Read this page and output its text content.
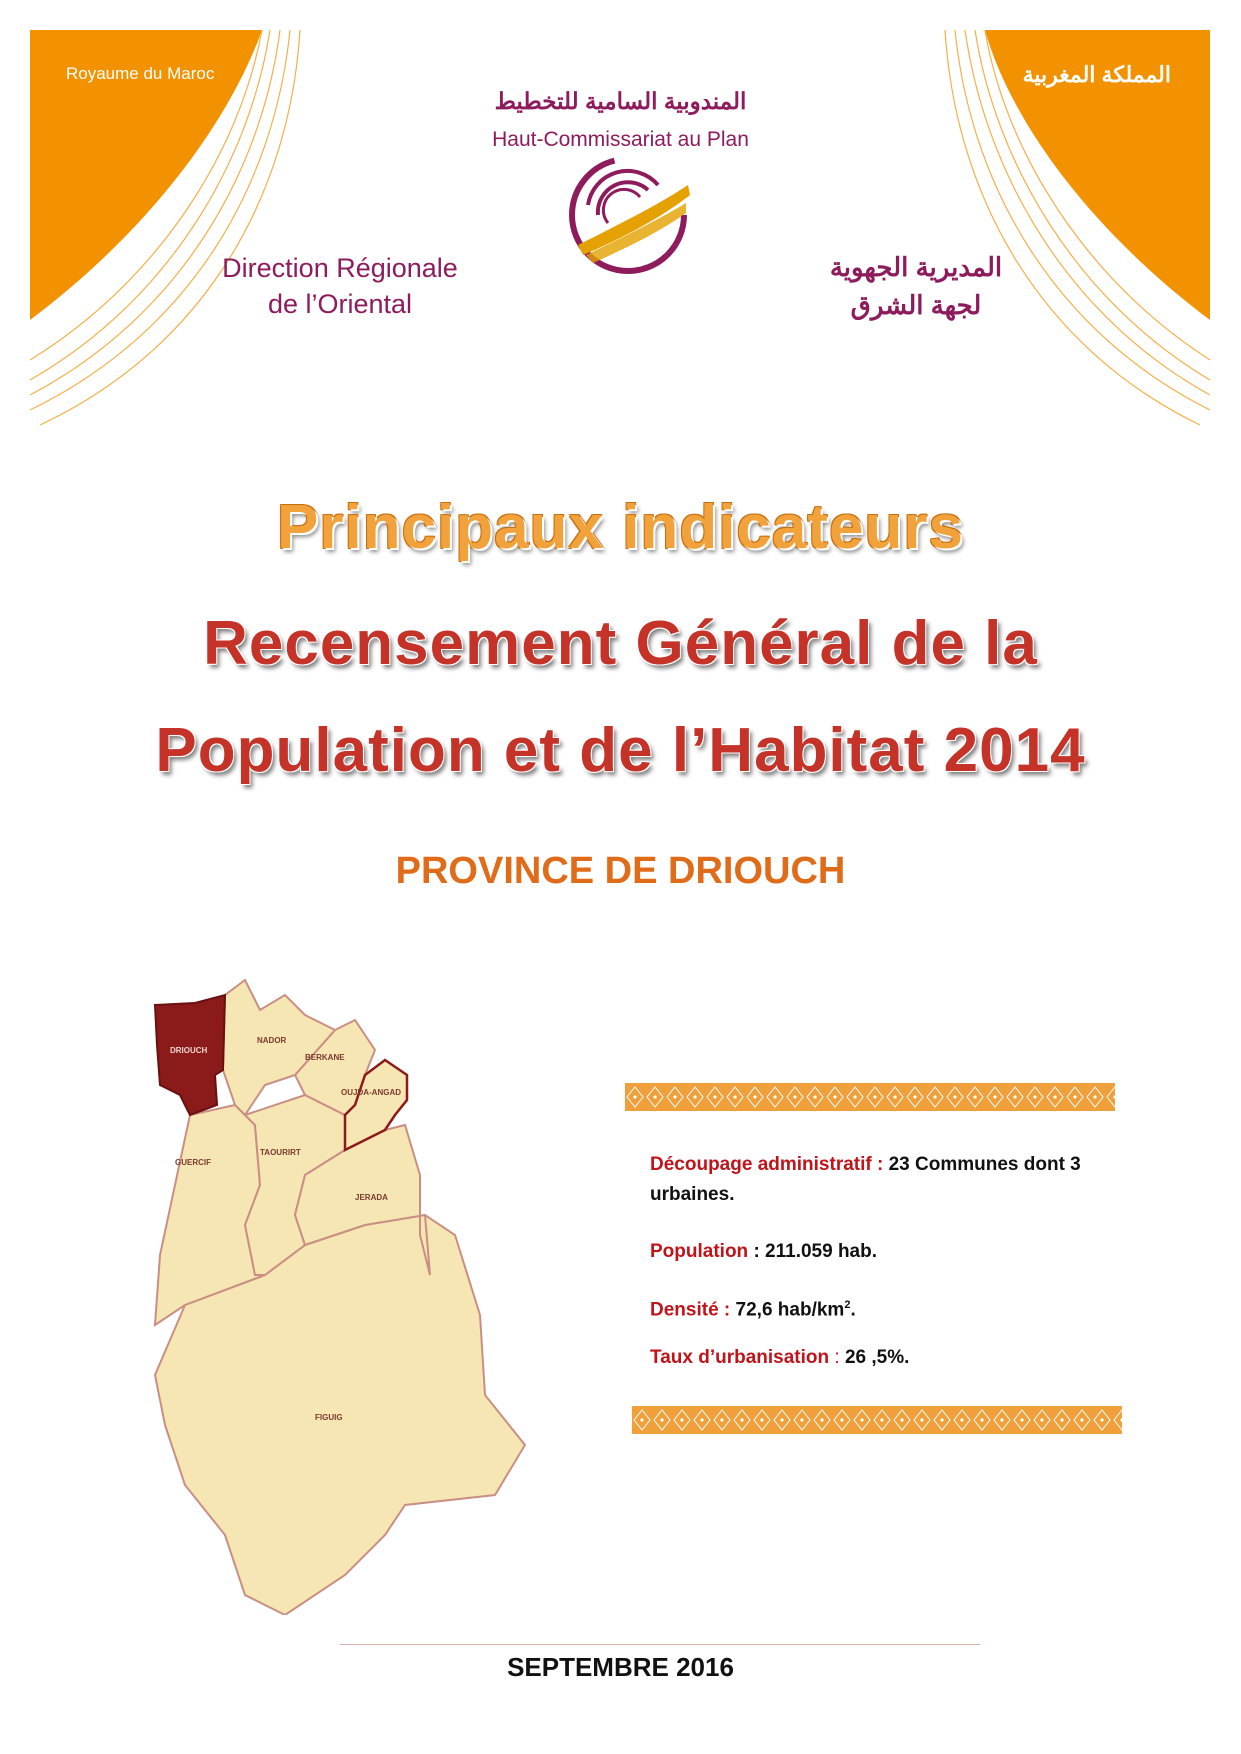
Royaume du Maroc	المملكة المغربية
المندوبية السامية للتخطيط
Haut-Commissariat au Plan
Direction Régionale
de l’Oriental
المديرية الجهوية
لجهة الشرق
Principaux indicateurs
Recensement Général de la
Population et de l’Habitat 2014
PROVINCE DE DRIOUCH
DRIOUCH
NADOR
BERKANE
OUJDA-ANGAD
GUERCIF
TAOURIRT
JERADA
FIGUIG
Découpage administratif : 23 Communes dont 3 urbaines.
Population : 211.059 hab.
Densité : 72,6 hab/$km^2$.
Taux d’urbanisation : 26 ,5%.
SEPTEMBRE 2016
